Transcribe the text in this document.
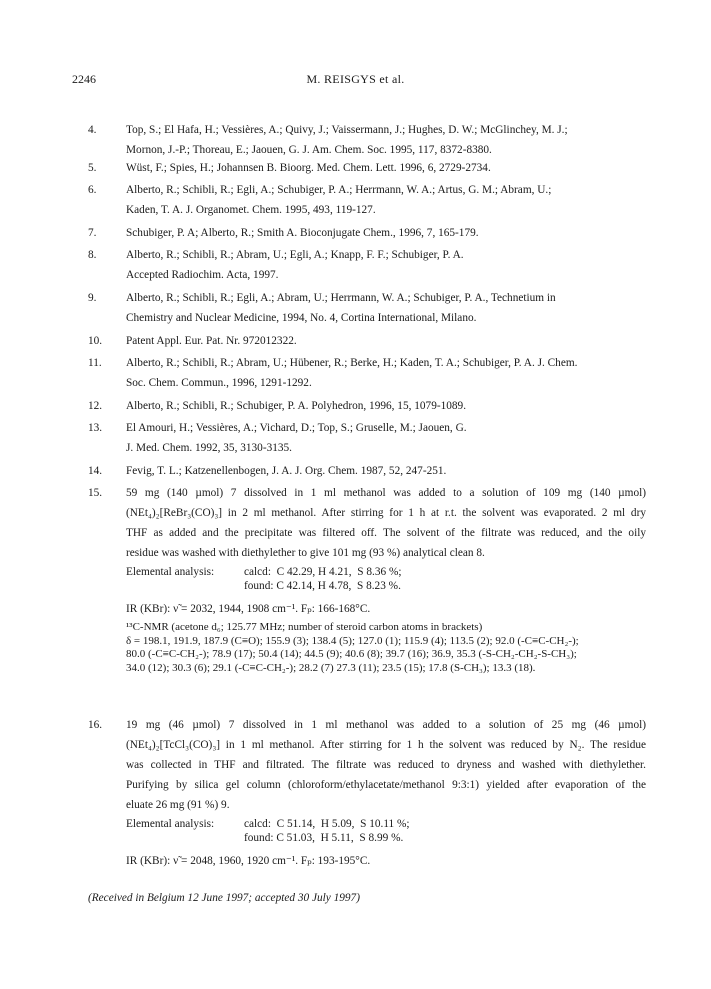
2246	M. REISGYS et al.
4.	Top, S.; El Hafa, H.; Vessières, A.; Quivy, J.; Vaissermann, J.; Hughes, D. W.; McGlinchey, M. J.;
Mornon, J.-P.; Thoreau, E.; Jaouen, G. J. Am. Chem. Soc. 1995, 117, 8372-8380.
5.	Wüst, F.; Spies, H.; Johannsen B. Bioorg. Med. Chem. Lett. 1996, 6, 2729-2734.
6.	Alberto, R.; Schibli, R.; Egli, A.; Schubiger, P. A.; Herrmann, W. A.; Artus, G. M.; Abram, U.;
Kaden, T. A. J. Organomet. Chem. 1995, 493, 119-127.
7.	Schubiger, P. A; Alberto, R.; Smith A. Bioconjugate Chem., 1996, 7, 165-179.
8.	Alberto, R.; Schibli, R.; Abram, U.; Egli, A.; Knapp, F. F.; Schubiger, P. A.
Accepted Radiochim. Acta, 1997.
9.	Alberto, R.; Schibli, R.; Egli, A.; Abram, U.; Herrmann, W. A.; Schubiger, P. A., Technetium in
Chemistry and Nuclear Medicine, 1994, No. 4, Cortina International, Milano.
10.	Patent Appl. Eur. Pat. Nr. 972012322.
11.	Alberto, R.; Schibli, R.; Abram, U.; Hübener, R.; Berke, H.; Kaden, T. A.; Schubiger, P. A. J. Chem.
Soc. Chem. Commun., 1996, 1291-1292.
12.	Alberto, R.; Schibli, R.; Schubiger, P. A. Polyhedron, 1996, 15, 1079-1089.
13.	El Amouri, H.; Vessières, A.; Vichard, D.; Top, S.; Gruselle, M.; Jaouen, G.
J. Med. Chem. 1992, 35, 3130-3135.
14.	Fevig, T. L.; Katzenellenbogen, J. A. J. Org. Chem. 1987, 52, 247-251.
15.	59 mg (140 µmol) 7 dissolved in 1 ml methanol was added to a solution of 109 mg (140 µmol)
(NEt₄)₂[ReBr₃(CO)₃] in 2 ml methanol. After stirring for 1 h at r.t. the solvent was evaporated. 2 ml dry
THF as added and the precipitate was filtered off. The solvent of the filtrate was reduced, and the oily
residue was washed with diethylether to give 101 mg (93 %) analytical clean 8.
Elemental analysis:	calcd:  C 42.29, H 4.21,  S 8.36 %;
found: C 42.14, H 4.78,  S 8.23 %.
IR (KBr): ν̃ = 2032, 1944, 1908 cm⁻¹. Fₚ: 166-168°C.
¹³C-NMR (acetone d₆; 125.77 MHz; number of steroid carbon atoms in brackets)
δ = 198.1, 191.9, 187.9 (C≡O); 155.9 (3); 138.4 (5); 127.0 (1); 115.9 (4); 113.5 (2); 92.0 (-C≡C-CH₂-);
80.0 (-C≡C-CH₂-); 78.9 (17); 50.4 (14); 44.5 (9); 40.6 (8); 39.7 (16); 36.9, 35.3 (-S-CH₂-CH₂-S-CH₃);
34.0 (12); 30.3 (6); 29.1 (-C≡C-CH₂-); 28.2 (7) 27.3 (11); 23.5 (15); 17.8 (S-CH₃); 13.3 (18).
16.	19 mg (46 µmol) 7 dissolved in 1 ml methanol was added to a solution of 25 mg (46 µmol)
(NEt₄)₂[TcCl₃(CO)₃] in 1 ml methanol. After stirring for 1 h the solvent was reduced by N₂. The residue
was collected in THF and filtrated. The filtrate was reduced to dryness and washed with diethylether.
Purifying by silica gel column (chloroform/ethylacetate/methanol 9:3:1) yielded after evaporation of the
eluate 26 mg (91 %) 9.
Elemental analysis:	calcd:  C 51.14,  H 5.09,  S 10.11 %;
found: C 51.03,  H 5.11,  S 8.99 %.
IR (KBr): ν̃ = 2048, 1960, 1920 cm⁻¹. Fₚ: 193-195°C.
(Received in Belgium 12 June 1997; accepted 30 July 1997)
